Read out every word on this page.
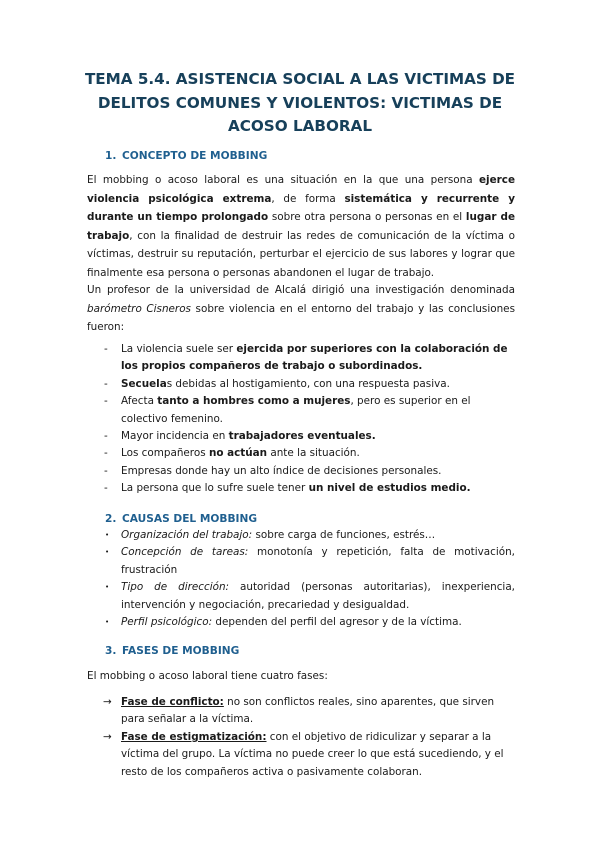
TEMA 5.4. ASISTENCIA SOCIAL A LAS VICTIMAS DE DELITOS COMUNES Y VIOLENTOS: VICTIMAS DE ACOSO LABORAL
1. CONCEPTO DE MOBBING
El mobbing o acoso laboral es una situación en la que una persona ejerce violencia psicológica extrema, de forma sistemática y recurrente y durante un tiempo prolongado sobre otra persona o personas en el lugar de trabajo, con la finalidad de destruir las redes de comunicación de la víctima o víctimas, destruir su reputación, perturbar el ejercicio de sus labores y lograr que finalmente esa persona o personas abandonen el lugar de trabajo.
Un profesor de la universidad de Alcalá dirigió una investigación denominada barómetro Cisneros sobre violencia en el entorno del trabajo y las conclusiones fueron:
- La violencia suele ser ejercida por superiores con la colaboración de los propios compañeros de trabajo o subordinados.
- Secuelas debidas al hostigamiento, con una respuesta pasiva.
- Afecta tanto a hombres como a mujeres, pero es superior en el colectivo femenino.
- Mayor incidencia en trabajadores eventuales.
- Los compañeros no actúan ante la situación.
- Empresas donde hay un alto índice de decisiones personales.
- La persona que lo sufre suele tener un nivel de estudios medio.
2. CAUSAS DEL MOBBING
• Organización del trabajo: sobre carga de funciones, estrés…
• Concepción de tareas: monotonía y repetición, falta de motivación, frustración
• Tipo de dirección: autoridad (personas autoritarias), inexperiencia, intervención y negociación, precariedad y desigualdad.
• Perfil psicológico: dependen del perfil del agresor y de la víctima.
3. FASES DE MOBBING
El mobbing o acoso laboral tiene cuatro fases:
→ Fase de conflicto: no son conflictos reales, sino aparentes, que sirven para señalar a la víctima.
→ Fase de estigmatización: con el objetivo de ridiculizar y separar a la víctima del grupo. La víctima no puede creer lo que está sucediendo, y el resto de los compañeros activa o pasivamente colaboran.
